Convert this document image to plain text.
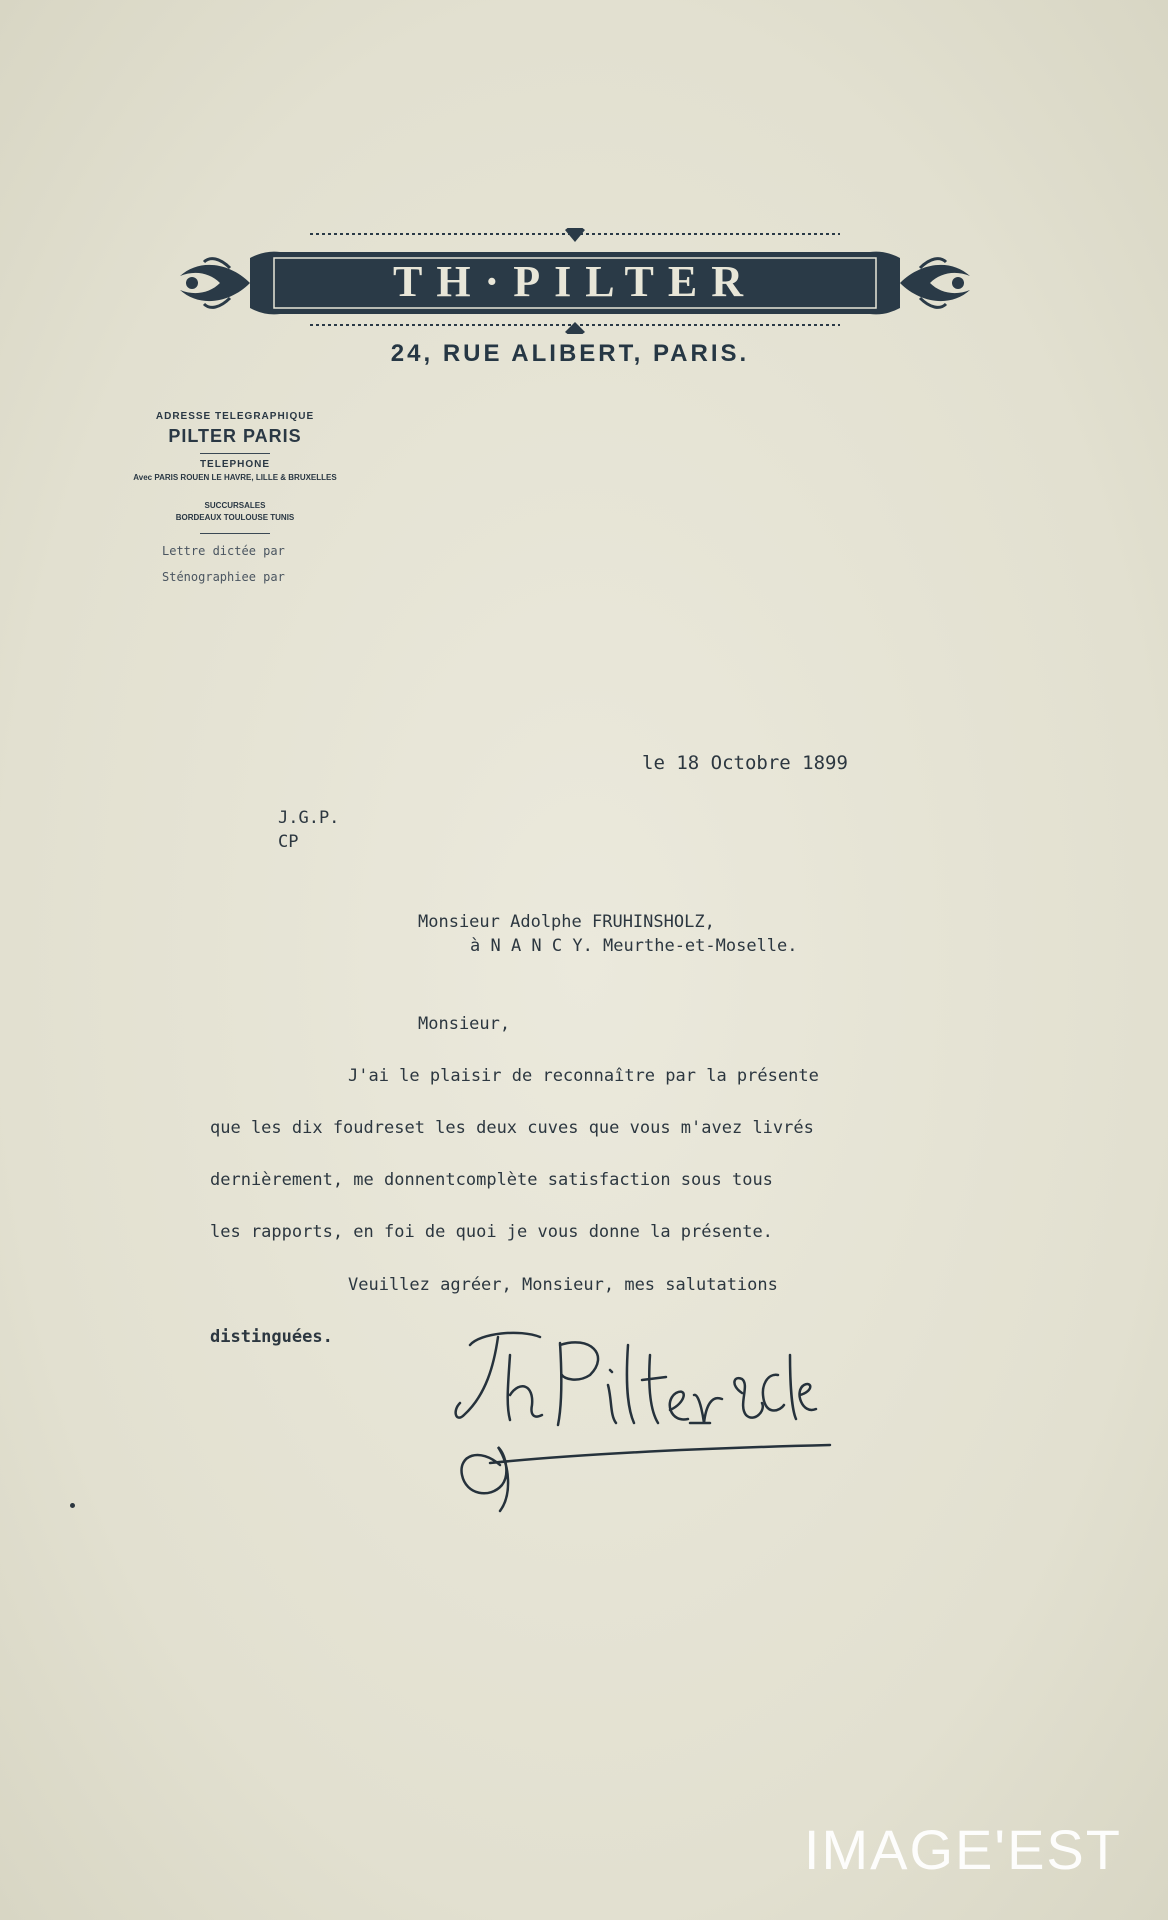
TH·PILTER
24, RUE ALIBERT, PARIS.
ADRESSE TELEGRAPHIQUE
PILTER PARIS
TELEPHONE
Avec PARIS ROUEN LE HAVRE, LILLE & BRUXELLES
SUCCURSALES
BORDEAUX TOULOUSE TUNIS
Lettre dictée par
Sténographiee par
le 18 Octobre 1899
J.G.P.
CP
Monsieur Adolphe FRUHINSHOLZ,
à N A N C Y. Meurthe-et-Moselle.
Monsieur,
J'ai le plaisir de reconnaître par la présente
que les dix foudreset les deux cuves que vous m'avez livrés
dernièrement, me donnentcomplète satisfaction sous tous
les rapports, en foi de quoi je vous donne la présente.
Veuillez agréer, Monsieur, mes salutations
distinguées.
IMAGE'EST
